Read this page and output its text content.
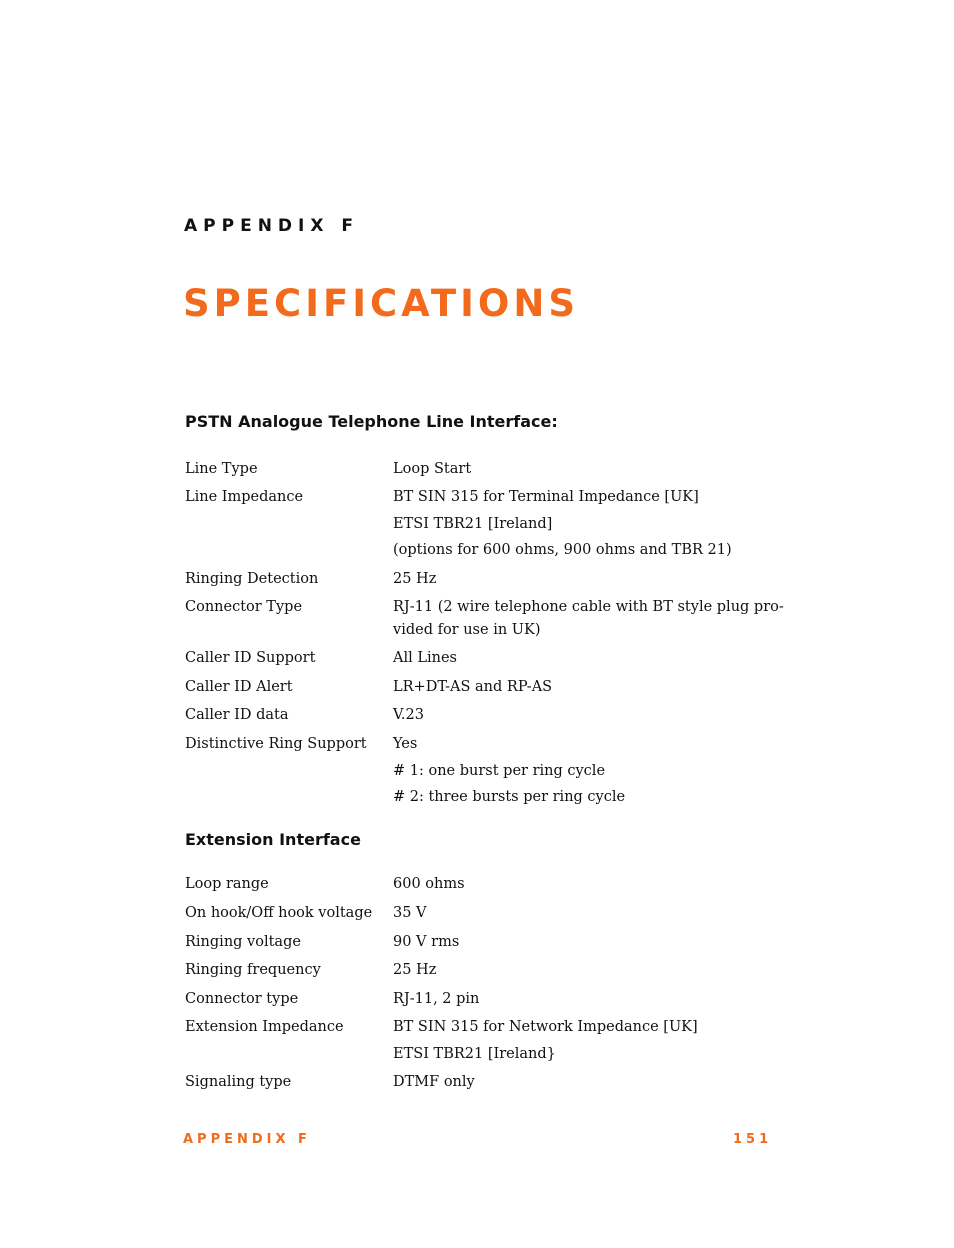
APPENDIX F
SPECIFICATIONS
PSTN Analogue Telephone Line Interface:
Line Type	Loop Start
Line Impedance	BT SIN 315 for Terminal Impedance [UK]
ETSI TBR21 [Ireland]
(options for 600 ohms, 900 ohms and TBR 21)
Ringing Detection	25 Hz
Connector Type	RJ-11 (2 wire telephone cable with BT style plug pro-
vided for use in UK)
Caller ID Support	All Lines
Caller ID Alert	LR+DT-AS and RP-AS
Caller ID data	V.23
Distinctive Ring Support Yes
# 1: one burst per ring cycle
# 2: three bursts per ring cycle
Extension Interface
Loop range	600 ohms
On hook/Off hook voltage 35 V
Ringing voltage	90 V rms
Ringing frequency	25 Hz
Connector type	RJ-11, 2 pin
Extension Impedance	BT SIN 315 for Network Impedance [UK]
ETSI TBR21 [Ireland}
Signaling type	DTMF only
APPENDIX F	151
